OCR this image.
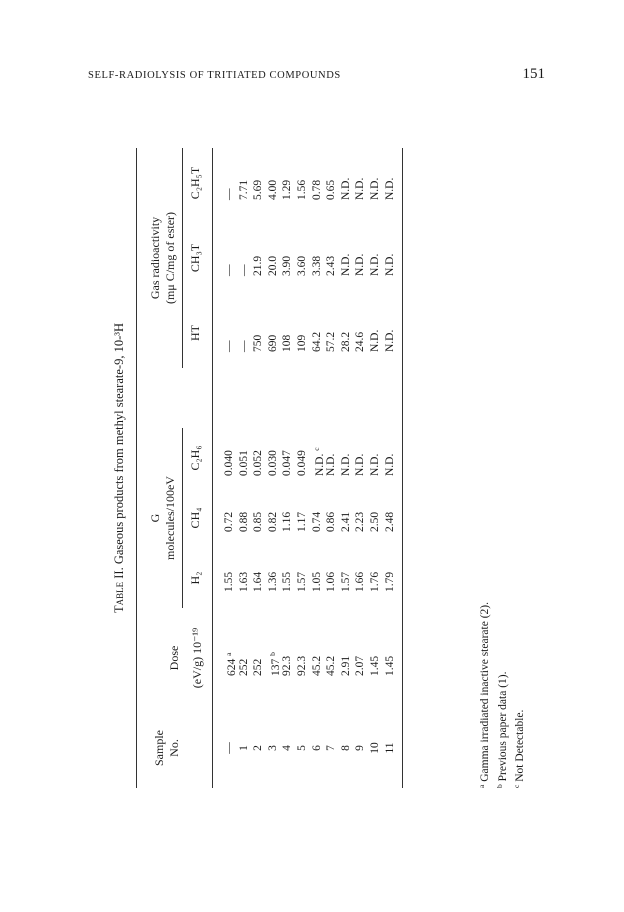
SELF-RADIOLYSIS OF TRITIATED COMPOUNDS	151
Table II. Gaseous products from methyl stearate-9, 10-³H G molecules/100eV
Gas radioactivity (mμ C/mg of ester)
Sample No.
Dose (eV/g) 10⁻¹⁹
H₂
CH₄
C₂H₆
HT
CH₃T
C₂H₅T
— 1 2 3 4 5 6 7 8 9 10 11
624 $^a$
252 252 137 $^b$
92.3 92.3 45.2 45.2 2.91 2.07 1.45 1.45
1.55 1.63 1.64 1.36 1.55 1.57 1.05 1.06 1.57 1.66 1.76 1.79
0.72 0.88 0.85 0.82 1.16 1.17 0.74 0.86 2.41 2.23 2.50 2.48
0.040 0.051 0.052 0.030 0.047 0.049 N.D. $^c$
N.D. N.D. N.D. N.D. N.D.
— — 750 690 108 109 64.2 57.2 28.2 24.6 N.D. N.D.
— — 21.9 20.0 3.90 3.60 3.38 2.43 N.D. N.D. N.D. N.D.
— 7.71 5.69 4.00 1.29 1.56 0.78 0.65 N.D. N.D. N.D. N.D.
$^a$ Gamma irradiated inactive stearate (2).
$^b$ Previous paper data (1).
$^c$ Not Detectable.
